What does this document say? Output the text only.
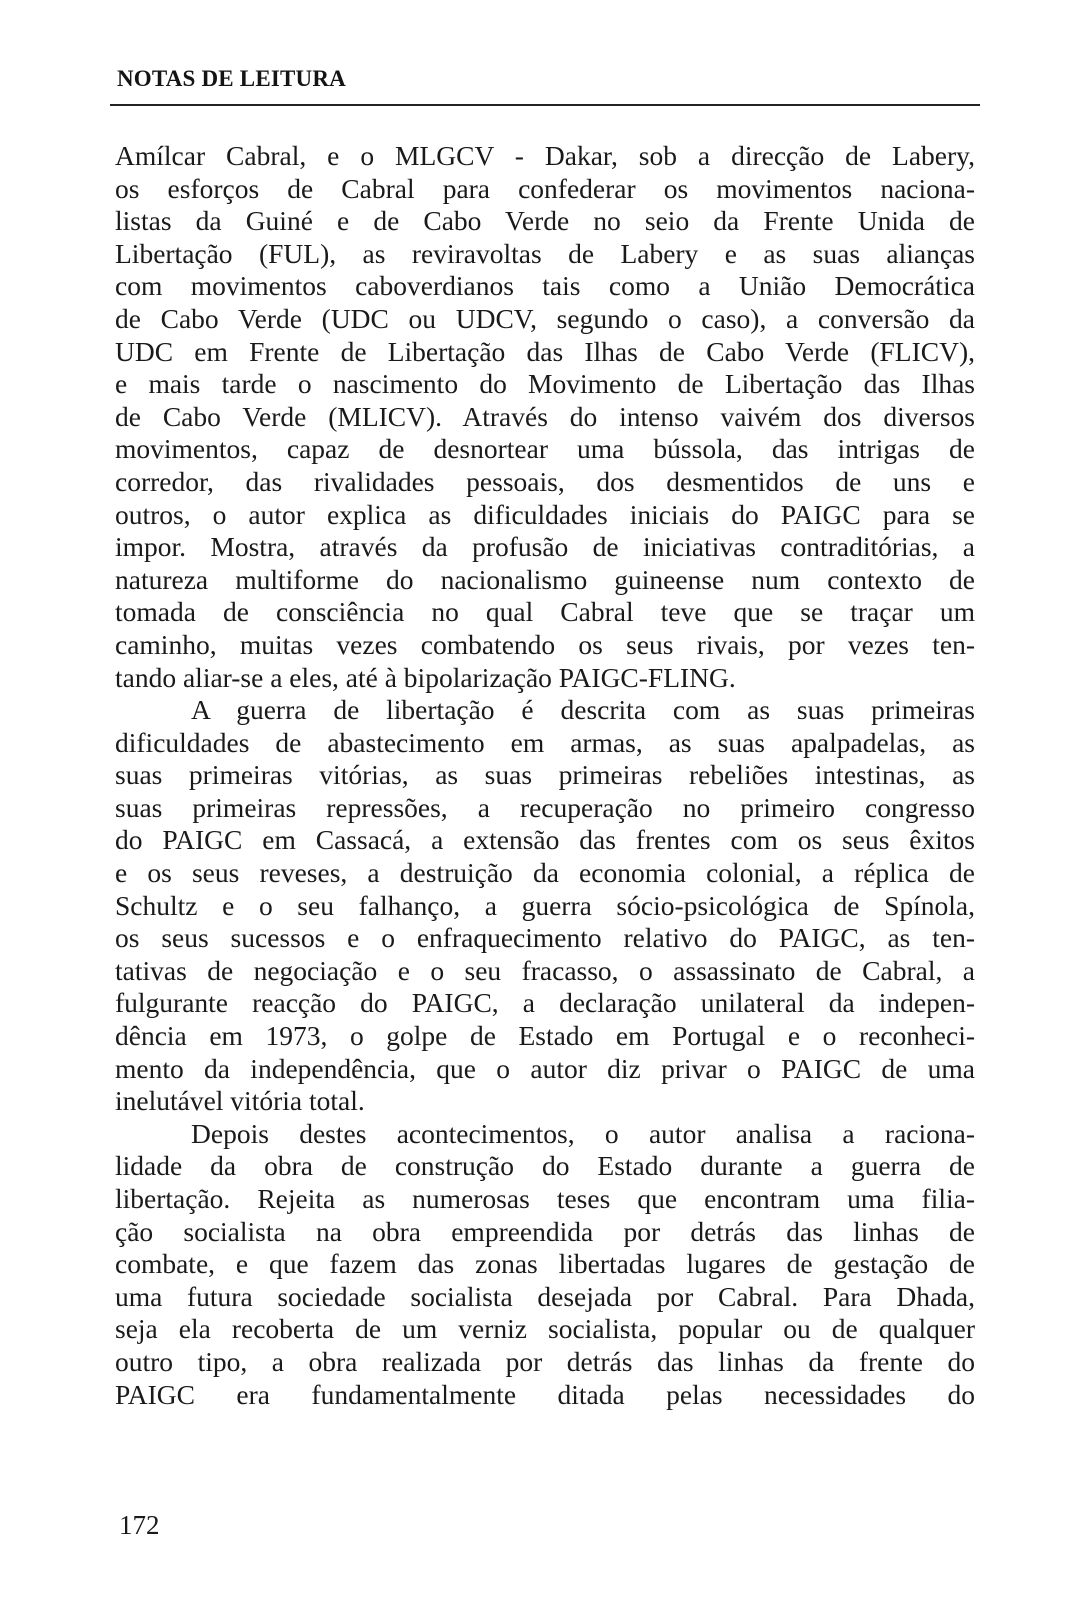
NOTAS DE LEITURA
Amílcar Cabral, e o MLGCV - Dakar, sob a direcção de Labery,
os esforços de Cabral para confederar os movimentos naciona-
listas da Guiné e de Cabo Verde no seio da Frente Unida de
Libertação (FUL), as reviravoltas de Labery e as suas alianças
com movimentos caboverdianos tais como a União Democrática
de Cabo Verde (UDC ou UDCV, segundo o caso), a conversão da
UDC em Frente de Libertação das Ilhas de Cabo Verde (FLICV),
e mais tarde o nascimento do Movimento de Libertação das Ilhas
de Cabo Verde (MLICV). Através do intenso vaivém dos diversos
movimentos, capaz de desnortear uma bússola, das intrigas de
corredor, das rivalidades pessoais, dos desmentidos de uns e
outros, o autor explica as dificuldades iniciais do PAIGC para se
impor. Mostra, através da profusão de iniciativas contraditórias, a
natureza multiforme do nacionalismo guineense num contexto de
tomada de consciência no qual Cabral teve que se traçar um
caminho, muitas vezes combatendo os seus rivais, por vezes ten-
tando aliar-se a eles, até à bipolarização PAIGC-FLING.
A guerra de libertação é descrita com as suas primeiras
dificuldades de abastecimento em armas, as suas apalpadelas, as
suas primeiras vitórias, as suas primeiras rebeliões intestinas, as
suas primeiras repressões, a recuperação no primeiro congresso
do PAIGC em Cassacá, a extensão das frentes com os seus êxitos
e os seus reveses, a destruição da economia colonial, a réplica de
Schultz e o seu falhanço, a guerra sócio-psicológica de Spínola,
os seus sucessos e o enfraquecimento relativo do PAIGC, as ten-
tativas de negociação e o seu fracasso, o assassinato de Cabral, a
fulgurante reacção do PAIGC, a declaração unilateral da indepen-
dência em 1973, o golpe de Estado em Portugal e o reconheci-
mento da independência, que o autor diz privar o PAIGC de uma
inelutável vitória total.
Depois destes acontecimentos, o autor analisa a raciona-
lidade da obra de construção do Estado durante a guerra de
libertação. Rejeita as numerosas teses que encontram uma filia-
ção socialista na obra empreendida por detrás das linhas de
combate, e que fazem das zonas libertadas lugares de gestação de
uma futura sociedade socialista desejada por Cabral. Para Dhada,
seja ela recoberta de um verniz socialista, popular ou de qualquer
outro tipo, a obra realizada por detrás das linhas da frente do
PAIGC era fundamentalmente ditada pelas necessidades do
172
